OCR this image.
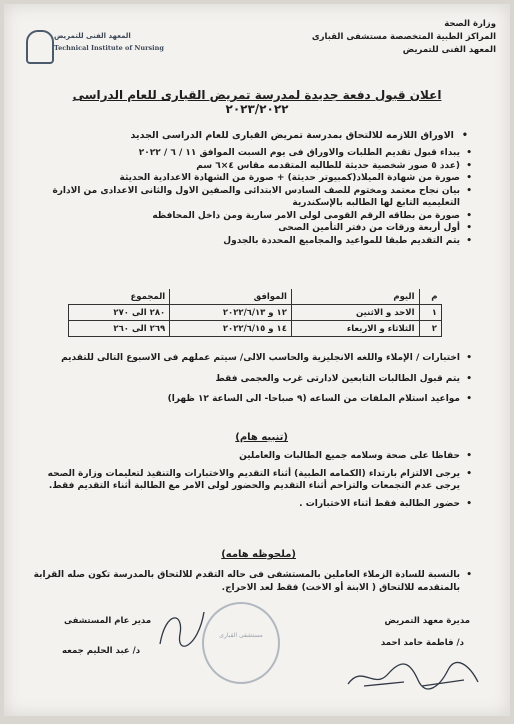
وزارة الصحة
المراكز الطبية المتخصصة مستشفى القبارى
المعهد الفنى للتمريض
المعهد الفنى للتمريض
Technical Institute of Nursing
اعلان قبول دفعة جديدة لمدرسة تمريض القبارى للعام الدراسى
٢٠٢٣/٢٠٢٢
• الاوراق اللازمه للالتحاق بمدرسة تمريض القبارى للعام الدراسى الجديد
• يبداء قبول تقديم الطلبات والاوراق فى يوم السبت الموافق ١١ / ٦ / ٢٠٢٢
• (عدد ٥ صور شخصية حديثة للطالبه المتقدمه مقاس ٤×٦ سم
• صورة من شهادة الميلاد(كمبيوتر حديثة) + صورة من الشهادة الاعدادية الحديثة
• بيان نجاح معتمد ومختوم للصف السادس الابتدائى والصفين الاول والثانى الاعدادى من الادارة التعليميه التابع لها الطالبه بالإسكندرية
• صورة من بطاقه الرقم القومى لولى الامر سارية ومن داخل المحافظه
• أول أربعة ورقات من دفتر التأمين الصحى
• يتم التقديم طبقا للمواعيد والمجاميع المحددة بالجدول
م	اليوم	الموافق	المجموع
١	الاحد و الاثنين	١٢ و ٢٠٢٢/٦/١٣	٢٨٠ الى ٢٧٠
٢	الثلاثاء و الاربعاء	١٤ و ٢٠٢٢/٦/١٥	٢٦٩ الى ٢٦٠
• اختبارات / الإملاء واللغه الانجليزية والحاسب الالى/ سيتم عملهم فى الاسبوع التالى للتقديم
• يتم قبول الطالبات التابعين لادارتى غرب والعجمى فقط
• مواعيد استلام الملفات من الساعه (٩ صباحا- الى الساعة ١٢ ظهرا)
(تنبيه هام)
• حفاظا على صحة وسلامه جميع الطالبات والعاملين
• يرجى الالتزام بارتداء (الكمامه الطبية) أثناء التقديم والاختبارات والتنفيذ لتعليمات وزارة الصحه يرجى عدم التجمعات والتزاحم أثناء التقديم والحضور لولى الامر مع الطالبة أثناء التقديم فقط.
• حضور الطالبة فقط أثناء الاختبارات .
(ملحوظه هامه)
• بالنسبة للسادة الزملاء العاملين بالمستشفى فى حاله التقدم للالتحاق بالمدرسة تكون صله القرابة بالمتقدمه للالتحاق ( الابنة أو الاخت) فقط لعد الاحراج.
مديرة معهد التمريض
د/ فاطمة حامد احمد
مدير عام المستشفى
د/ عبد الحليم جمعه
مستشفى القبارى
